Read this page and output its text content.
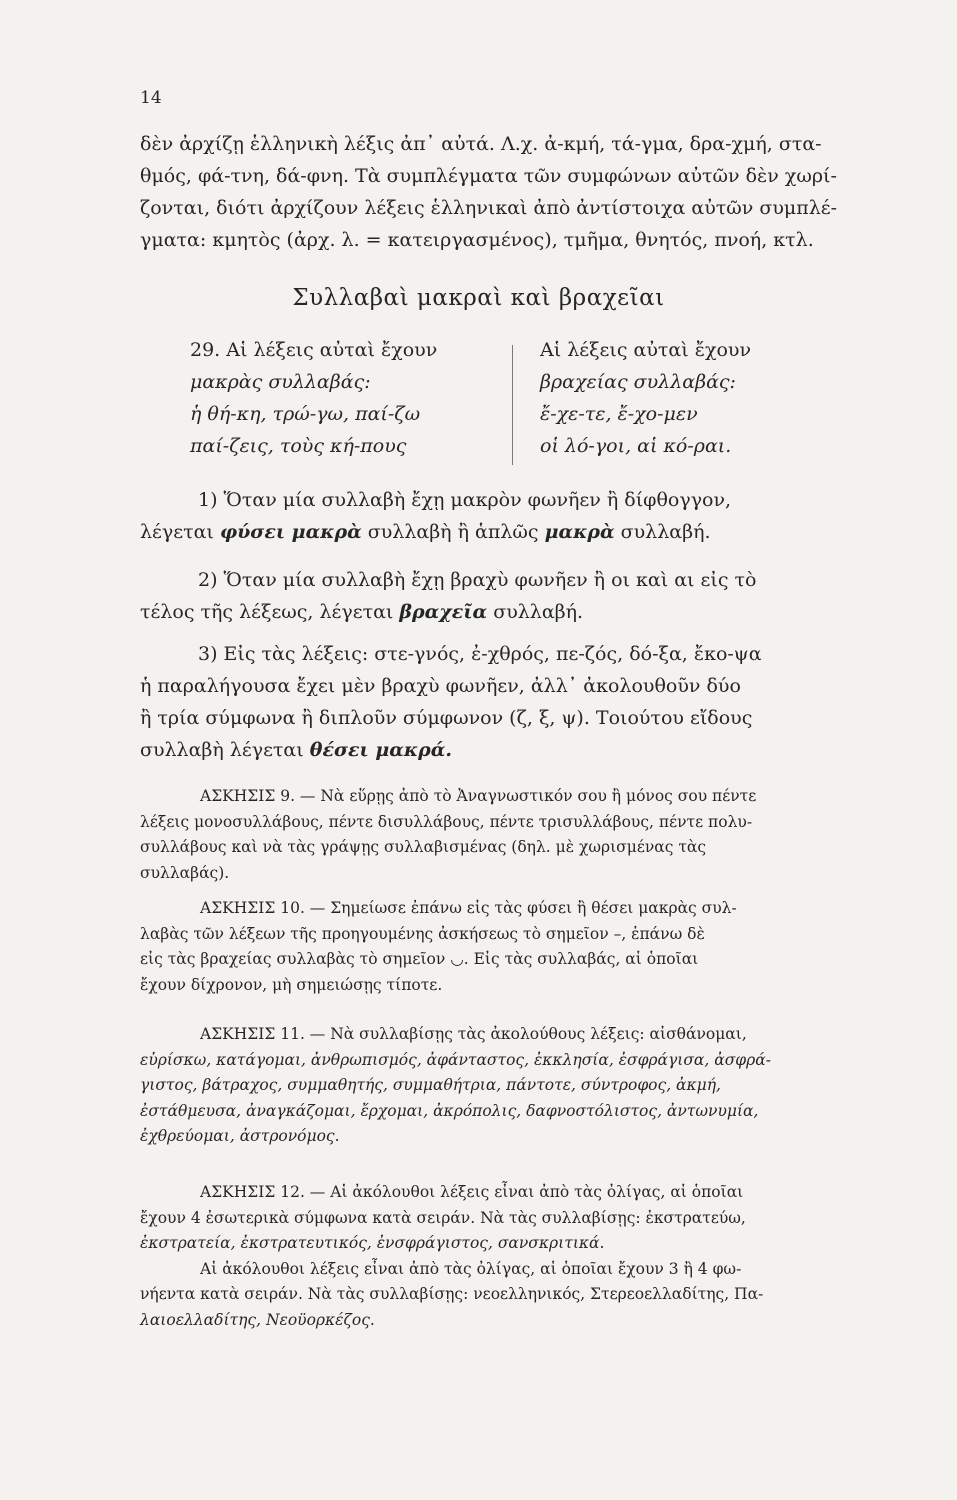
14
δὲν ἀρχίζῃ ἑλληνικὴ λέξις ἀπ᾽ αὐτά. Λ.χ. ἀ-κμή, τά-γμα, δρα-χμή, στα-
θμός, φά-τνη, δά-φνη. Τὰ συμπλέγματα τῶν συμφώνων αὐτῶν δὲν χωρί-
ζονται, διότι ἀρχίζουν λέξεις ἑλληνικαὶ ἀπὸ ἀντίστοιχα αὐτῶν συμπλέ-
γματα: κμητὸς (ἀρχ. λ. = κατειργασμένος), τμῆμα, θνητός, πνοή, κτλ.
Συλλαβαὶ μακραὶ καὶ βραχεῖαι
29. Αἱ λέξεις αὐταὶ ἔχουν
μακρὰς συλλαβάς:
ἡ θή-κη, τρώ-γω, παί-ζω
παί-ζεις, τοὺς κή-πους
Αἱ λέξεις αὐταὶ ἔχουν
βραχείας συλλαβάς:
ἔ-χε-τε, ἔ-χο-μεν
οἱ λό-γοι, αἱ κό-ραι.
1) Ὅταν μία συλλαβὴ ἔχῃ μακρὸν φωνῆεν ἢ δίφθογγον,
λέγεται φύσει μακρὰ συλλαβὴ ἢ ἁπλῶς μακρὰ συλλαβή.
2) Ὅταν μία συλλαβὴ ἔχῃ βραχὺ φωνῆεν ἢ οι καὶ αι εἰς τὸ
τέλος τῆς λέξεως, λέγεται βραχεῖα συλλαβή.
3) Εἰς τὰς λέξεις: στε-γνός, ἐ-χθρός, πε-ζός, δό-ξα, ἔκο-ψα
ἡ παραλήγουσα ἔχει μὲν βραχὺ φωνῆεν, ἀλλ᾽ ἀκολουθοῦν δύο
ἢ τρία σύμφωνα ἢ διπλοῦν σύμφωνον (ζ, ξ, ψ). Τοιούτου εἴδους
συλλαβὴ λέγεται θέσει μακρά.
ΑΣΚΗΣΙΣ 9. — Νὰ εὕρῃς ἀπὸ τὸ Ἀναγνωστικόν σου ἢ μόνος σου πέντε
λέξεις μονοσυλλάβους, πέντε δισυλλάβους, πέντε τρισυλλάβους, πέντε πολυ-
συλλάβους καὶ νὰ τὰς γράψῃς συλλαβισμένας (δηλ. μὲ χωρισμένας τὰς
συλλαβάς).
ΑΣΚΗΣΙΣ 10. — Σημείωσε ἐπάνω εἰς τὰς φύσει ἢ θέσει μακρὰς συλ-
λαβὰς τῶν λέξεων τῆς προηγουμένης ἀσκήσεως τὸ σημεῖον –, ἐπάνω δὲ
εἰς τὰς βραχείας συλλαβὰς τὸ σημεῖον ◡. Εἰς τὰς συλλαβάς, αἱ ὁποῖαι
ἔχουν δίχρονον, μὴ σημειώσῃς τίποτε.
ΑΣΚΗΣΙΣ 11. — Νὰ συλλαβίσῃς τὰς ἀκολούθους λέξεις: αἰσθάνομαι,
εὑρίσκω, κατάγομαι, ἀνθρωπισμός, ἀφάνταστος, ἐκκλησία, ἐσφράγισα, ἀσφρά-
γιστος, βάτραχος, συμμαθητής, συμμαθήτρια, πάντοτε, σύντροφος, ἀκμή,
ἐστάθμευσα, ἀναγκάζομαι, ἔρχομαι, ἀκρόπολις, δαφνοστόλιστος, ἀντωνυμία,
ἐχθρεύομαι, ἀστρονόμος.
ΑΣΚΗΣΙΣ 12. — Αἱ ἀκόλουθοι λέξεις εἶναι ἀπὸ τὰς ὀλίγας, αἱ ὁποῖαι
ἔχουν 4 ἐσωτερικὰ σύμφωνα κατὰ σειράν. Νὰ τὰς συλλαβίσῃς: ἐκστρατεύω,
ἐκστρατεία, ἐκστρατευτικός, ἐνσφράγιστος, σανσκριτικά.
Αἱ ἀκόλουθοι λέξεις εἶναι ἀπὸ τὰς ὀλίγας, αἱ ὁποῖαι ἔχουν 3 ἢ 4 φω-
νήεντα κατὰ σειράν. Νὰ τὰς συλλαβίσῃς: νεοελληνικός, Στερεοελλαδίτης, Πα-
λαιοελλαδίτης, Νεοϋορκέζος.
